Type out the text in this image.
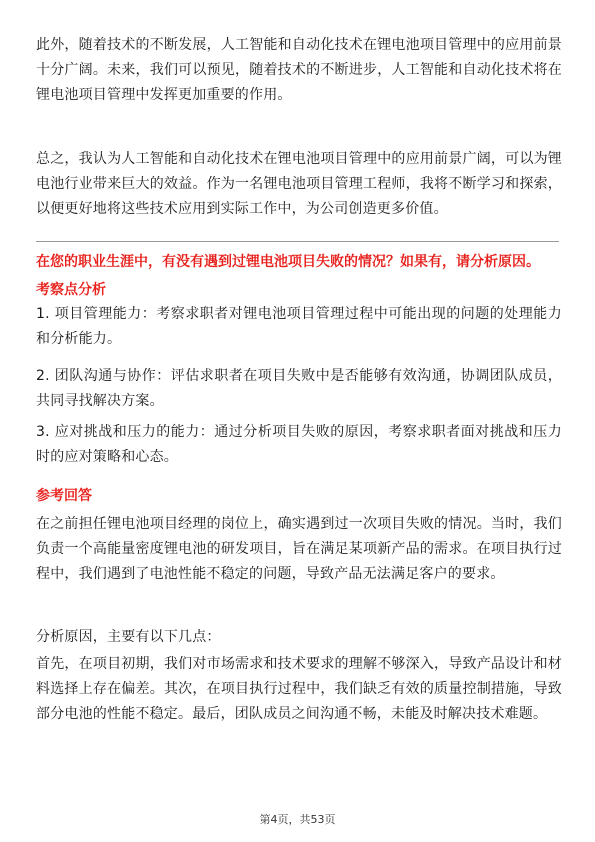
此外，随着技术的不断发展，人工智能和自动化技术在锂电池项目管理中的应用前景十分广阔。未来，我们可以预见，随着技术的不断进步，人工智能和自动化技术将在锂电池项目管理中发挥更加重要的作用。

总之，我认为人工智能和自动化技术在锂电池项目管理中的应用前景广阔，可以为锂电池行业带来巨大的效益。作为一名锂电池项目管理工程师，我将不断学习和探索，以便更好地将这些技术应用到实际工作中，为公司创造更多价值。

在您的职业生涯中，有没有遇到过锂电池项目失败的情况？如果有，请分析原因。

考察点分析

1. 项目管理能力：考察求职者对锂电池项目管理过程中可能出现的问题的处理能力和分析能力。

2. 团队沟通与协作：评估求职者在项目失败中是否能够有效沟通，协调团队成员，共同寻找解决方案。

3. 应对挑战和压力的能力：通过分析项目失败的原因，考察求职者面对挑战和压力时的应对策略和心态。

参考回答

在之前担任锂电池项目经理的岗位上，确实遇到过一次项目失败的情况。当时，我们负责一个高能量密度锂电池的研发项目，旨在满足某项新产品的需求。在项目执行过程中，我们遇到了电池性能不稳定的问题，导致产品无法满足客户的要求。

分析原因，主要有以下几点：

首先，在项目初期，我们对市场需求和技术要求的理解不够深入，导致产品设计和材料选择上存在偏差。其次，在项目执行过程中，我们缺乏有效的质量控制措施，导致部分电池的性能不稳定。最后，团队成员之间沟通不畅，未能及时解决技术难题。

第4页，共53页
